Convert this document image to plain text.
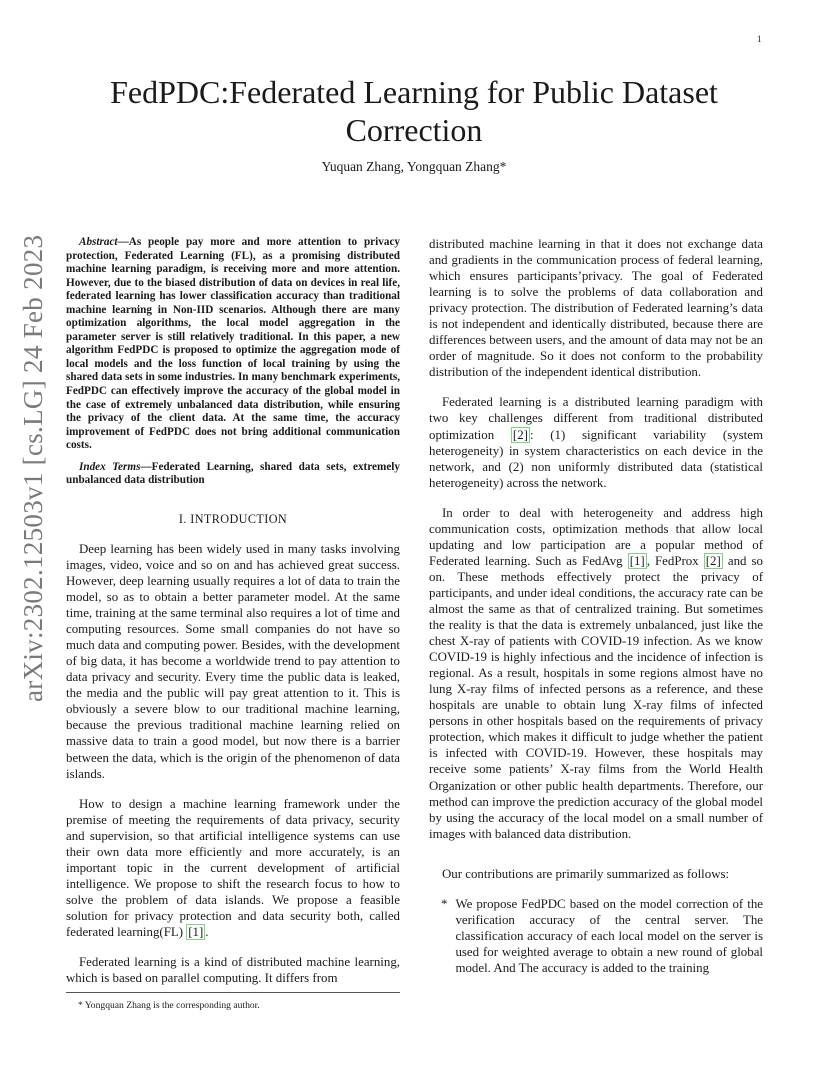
1
arXiv:2302.12503v1 [cs.LG] 24 Feb 2023
FedPDC:Federated Learning for Public Dataset Correction
Yuquan Zhang, Yongquan Zhang*
Abstract—As people pay more and more attention to privacy protection, Federated Learning (FL), as a promising distributed machine learning paradigm, is receiving more and more attention. However, due to the biased distribution of data on devices in real life, federated learning has lower classification accuracy than traditional machine learning in Non-IID scenarios. Although there are many optimization algorithms, the local model aggregation in the parameter server is still relatively traditional. In this paper, a new algorithm FedPDC is proposed to optimize the aggregation mode of local models and the loss function of local training by using the shared data sets in some industries. In many benchmark experiments, FedPDC can effectively improve the accuracy of the global model in the case of extremely unbalanced data distribution, while ensuring the privacy of the client data. At the same time, the accuracy improvement of FedPDC does not bring additional communication costs.
Index Terms—Federated Learning, shared data sets, extremely unbalanced data distribution
I. INTRODUCTION

Deep learning has been widely used in many tasks involving images, video, voice and so on and has achieved great success. However, deep learning usually requires a lot of data to train the model, so as to obtain a better parameter model. At the same time, training at the same terminal also requires a lot of time and computing resources. Some small companies do not have so much data and computing power. Besides, with the development of big data, it has become a worldwide trend to pay attention to data privacy and security. Every time the public data is leaked, the media and the public will pay great attention to it. This is obviously a severe blow to our traditional machine learning, because the previous traditional machine learning relied on massive data to train a good model, but now there is a barrier between the data, which is the origin of the phenomenon of data islands.

How to design a machine learning framework under the premise of meeting the requirements of data privacy, security and supervision, so that artificial intelligence systems can use their own data more efficiently and more accurately, is an important topic in the current development of artificial intelligence. We propose to shift the research focus to how to solve the problem of data islands. We propose a feasible solution for privacy protection and data security both, called federated learning(FL) [1] .

Federated learning is a kind of distributed machine learning, which is based on parallel computing. It differs from

* Yongquan Zhang is the corresponding author.

distributed machine learning in that it does not exchange data and gradients in the communication process of federal learning, which ensures participants’privacy. The goal of Federated learning is to solve the problems of data collaboration and privacy protection. The distribution of Federated learning’s data is not independent and identically distributed, because there are differences between users, and the amount of data may not be an order of magnitude. So it does not conform to the probability distribution of the independent identical distribution.

Federated learning is a distributed learning paradigm with two key challenges different from traditional distributed optimization [2] : (1) significant variability (system heterogeneity) in system characteristics on each device in the network, and (2) non uniformly distributed data (statistical heterogeneity) across the network.

In order to deal with heterogeneity and address high communication costs, optimization methods that allow local updating and low participation are a popular method of Federated learning. Such as FedAvg [1] , FedProx [2] and so on. These methods effectively protect the privacy of participants, and under ideal conditions, the accuracy rate can be almost the same as that of centralized training. But sometimes the reality is that the data is extremely unbalanced, just like the chest X-ray of patients with COVID-19 infection. As we know COVID-19 is highly infectious and the incidence of infection is regional. As a result, hospitals in some regions almost have no lung X-ray films of infected persons as a reference, and these hospitals are unable to obtain lung X-ray films of infected persons in other hospitals based on the requirements of privacy protection, which makes it difficult to judge whether the patient is infected with COVID-19. However, these hospitals may receive some patients’ X-ray films from the World Health Organization or other public health departments. Therefore, our method can improve the prediction accuracy of the global model by using the accuracy of the local model on a small number of images with balanced data distribution.

Our contributions are primarily summarized as follows:

* We propose FedPDC based on the model correction of the verification accuracy of the central server. The classification accuracy of each local model on the server is used for weighted average to obtain a new round of global model. And The accuracy is added to the training
